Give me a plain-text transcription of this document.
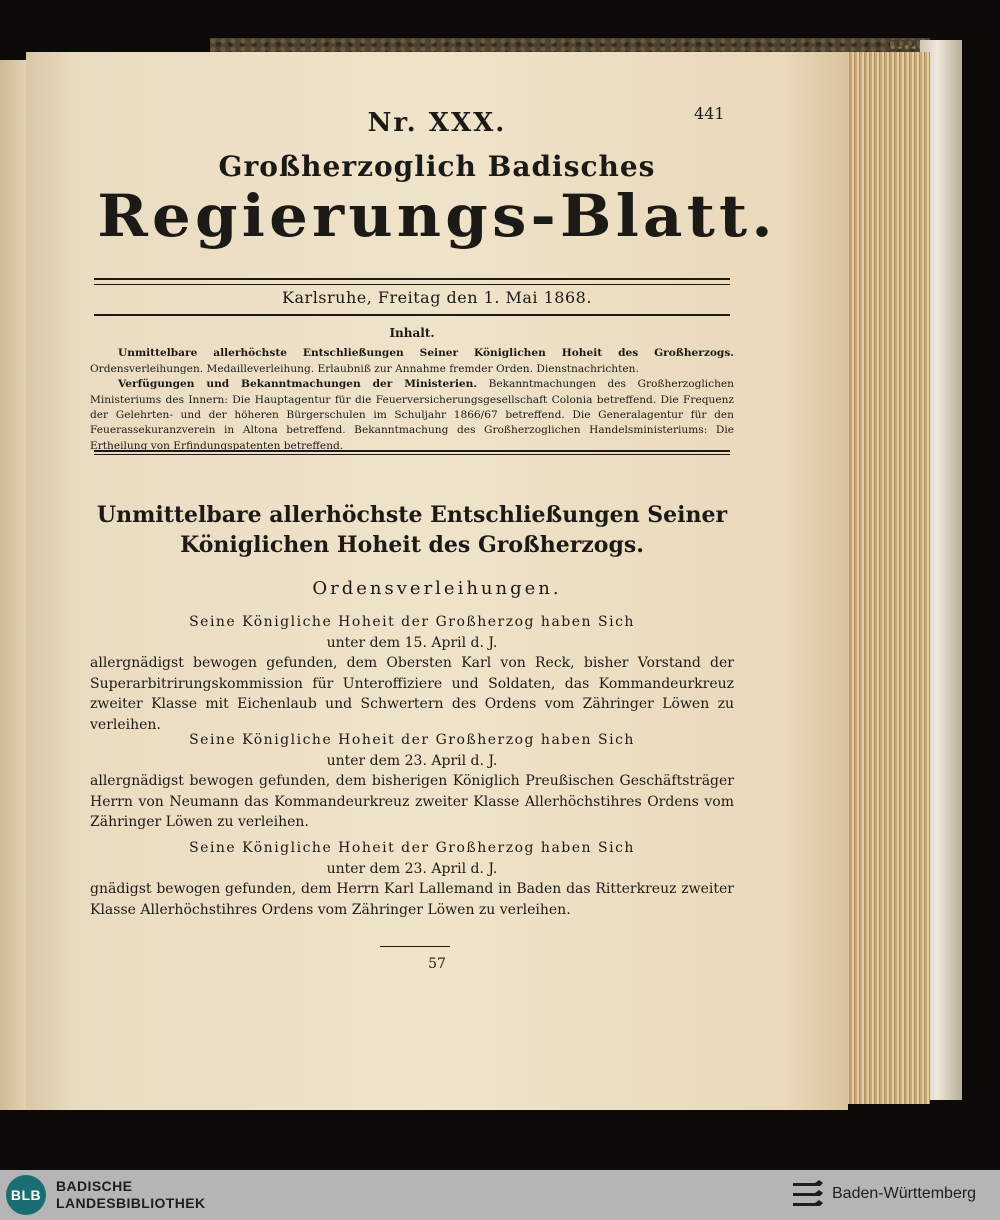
Nr. XXX.	441
Großherzoglich Badisches
Regierungs-Blatt.
Karlsruhe, Freitag den 1. Mai 1868.
Inhalt.

Unmittelbare allerhöchste Entschließungen Seiner Königlichen Hoheit des Großherzogs. Ordensverleihungen. Medailleverleihung. Erlaubniß zur Annahme fremder Orden. Dienstnachrichten.

Verfügungen und Bekanntmachungen der Ministerien. Bekanntmachungen des Großherzoglichen Ministeriums des Innern: Die Hauptagentur für die Feuerversicherungsgesellschaft Colonia betreffend. Die Frequenz der Gelehrten- und der höheren Bürgerschulen im Schuljahr 1866/67 betreffend. Die Generalagentur für den Feuerassekuranzverein in Altona betreffend. Bekanntmachung des Großherzoglichen Handelsministeriums: Die Ertheilung von Erfindungspatenten betreffend.

Unmittelbare allerhöchste Entschließungen Seiner Königlichen Hoheit des Großherzogs.
Ordensverleihungen.
Seine Königliche Hoheit der Großherzog haben Sich
unter dem 15. April d. J.
allergnädigst bewogen gefunden, dem Obersten Karl von Reck, bisher Vorstand der Superarbitrirungskommission für Unteroffiziere und Soldaten, das Kommandeurkreuz zweiter Klasse mit Eichenlaub und Schwertern des Ordens vom Zähringer Löwen zu verleihen.
Seine Königliche Hoheit der Großherzog haben Sich
unter dem 23. April d. J.
allergnädigst bewogen gefunden, dem bisherigen Königlich Preußischen Geschäftsträger Herrn von Neumann das Kommandeurkreuz zweiter Klasse Allerhöchstihres Ordens vom Zähringer Löwen zu verleihen.
Seine Königliche Hoheit der Großherzog haben Sich
unter dem 23. April d. J.
gnädigst bewogen gefunden, dem Herrn Karl Lallemand in Baden das Ritterkreuz zweiter Klasse Allerhöchstihres Ordens vom Zähringer Löwen zu verleihen.
57
BLB
BADISCHE
LANDESBIBLIOTHEK
Baden-Württemberg
